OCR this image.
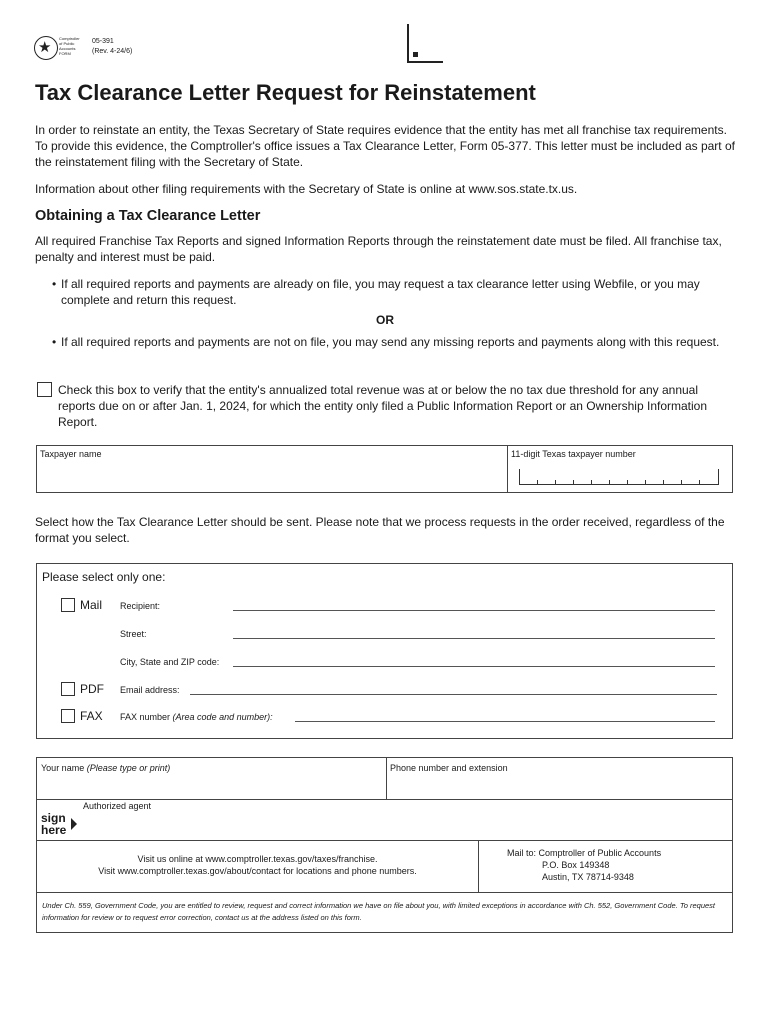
★
Comptroller
of Public
Accounts
FORM
05-391
(Rev. 4-24/6)
Tax Clearance Letter Request for Reinstatement

In order to reinstate an entity, the Texas Secretary of State requires evidence that the entity has met all franchise tax requirements. To provide this evidence, the Comptroller's office issues a Tax Clearance Letter, Form 05-377. This letter must be included as part of the reinstatement filing with the Secretary of State.

Information about other filing requirements with the Secretary of State is online at www.sos.state.tx.us.

Obtaining a Tax Clearance Letter

All required Franchise Tax Reports and signed Information Reports through the reinstatement date must be filed. All franchise tax, penalty and interest must be paid.

• If all required reports and payments are already on file, you may request a tax clearance letter using Webfile, or you may complete and return this request.
OR
• If all required reports and payments are not on file, you may send any missing reports and payments along with this request.
Check this box to verify that the entity's annualized total revenue was at or below the no tax due threshold for any annual reports due on or after Jan. 1, 2024, for which the entity only filed a Public Information Report or an Ownership Information Report.
Taxpayer name	11-digit Texas taxpayer number

Select how the Tax Clearance Letter should be sent. Please note that we process requests in the order received, regardless of the format you select.

Please select only one:
Mail Recipient:
Street:
City, State and ZIP code:
PDF Email address:
FAX FAX number (Area code and number):
Your name (Please type or print)	Phone number and extension
Authorized agent
Visit us online at www.comptroller.texas.gov/taxes/franchise.
Visit www.comptroller.texas.gov/about/contact for locations and phone numbers.
Mail to: Comptroller of Public Accounts
P.O. Box 149348
Austin, TX 78714-9348
sign
here
Under Ch. 559, Government Code, you are entitled to review, request and correct information we have on file about you, with limited exceptions in accordance with Ch. 552, Government Code. To request information for review or to request error correction, contact us at the address listed on this form.
